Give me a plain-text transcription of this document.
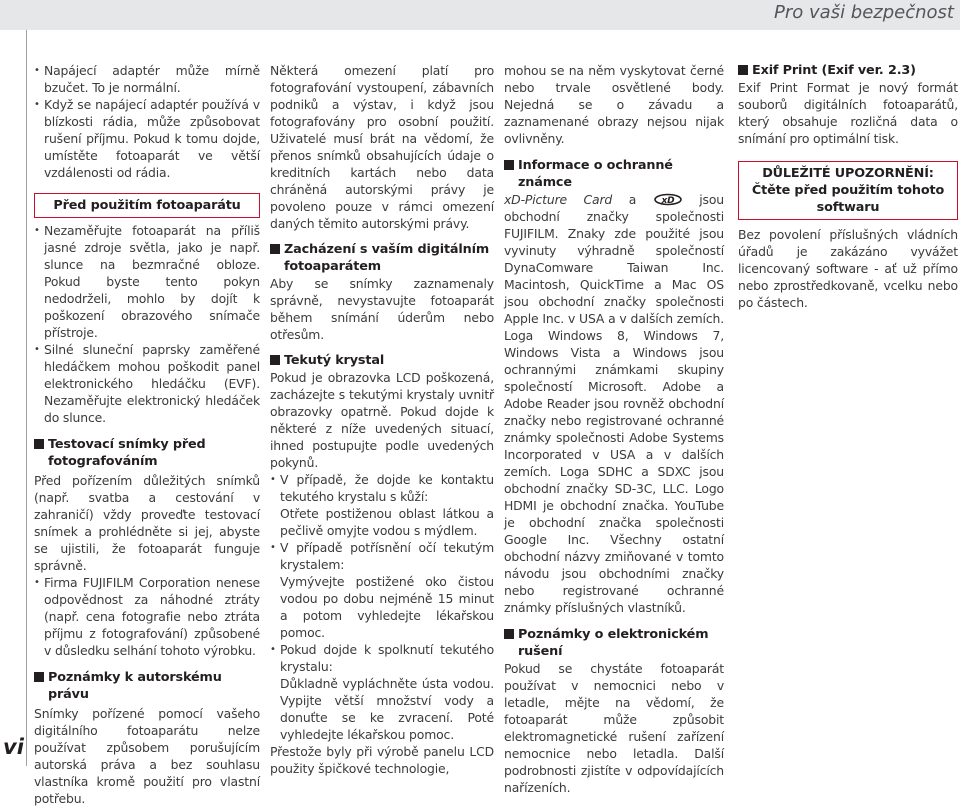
Pro vaši bezpečnost
vi
• Napájecí adaptér může mírně bzučet. To je normální.
• Když se napájecí adaptér používá v blízkosti rádia, může způsobovat rušení příjmu. Pokud k tomu dojde, umístěte fotoaparát ve větší vzdálenosti od rádia.
Před použitím fotoaparátu
• Nezaměřujte fotoaparát na příliš jasné zdroje světla, jako je např. slunce na bezmračné obloze. Pokud byste tento pokyn nedodrželi, mohlo by dojít k poškození obrazového snímače přístroje.
• Silné sluneční paprsky zaměřené hledáčkem mohou poškodit panel elektronického hledáčku (EVF). Nezaměřujte elektronický hledáček do slunce.
Testovací snímky před fotografováním

Před pořízením důležitých snímků (např. svatba a cestování v zahraničí) vždy proveďte testovací snímek a prohlédněte si jej, abyste se ujistili, že fotoaparát funguje správně.

• Firma FUJIFILM Corporation nenese odpovědnost za náhodné ztráty (např. cena fotografie nebo ztráta příjmu z fotografování) způsobené v důsledku selhání tohoto výrobku.
Poznámky k autorskému právu

Snímky pořízené pomocí vašeho digitálního fotoaparátu nelze používat způsobem porušujícím autorská práva a bez souhlasu vlastníka kromě použití pro vlastní potřebu.

Některá omezení platí pro fotografování vystoupení, zábavních podniků a výstav, i když jsou fotografovány pro osobní použití. Uživatelé musí brát na vědomí, že přenos snímků obsahujících údaje o kreditních kartách nebo data chráněná autorskými právy je povoleno pouze v rámci omezení daných těmito autorskými právy.

Zacházení s vaším digitálním fotoaparátem

Aby se snímky zaznamenaly správně, nevystavujte fotoaparát během snímání úderům nebo otřesům.

Tekutý krystal

Pokud je obrazovka LCD poškozená, zacházejte s tekutými krystaly uvnitř obrazovky opatrně. Pokud dojde k některé z níže uvedených situací, ihned postupujte podle uvedených pokynů.

• V případě, že dojde ke kontaktu tekutého krystalu s kůží:

Otřete postiženou oblast látkou a pečlivě omyjte vodou s mýdlem.

• V případě potřísnění očí tekutým krystalem:

Vymývejte postižené oko čistou vodou po dobu nejméně 15 minut a potom vyhledejte lékařskou pomoc.

• Pokud dojde k spolknutí tekutého krystalu:

Důkladně vypláchněte ústa vodou. Vypijte větší množství vody a donuťte se ke zvracení. Poté vyhledejte lékařskou pomoc.

Přestože byly při výrobě panelu LCD použity špičkové technologie,

mohou se na něm vyskytovat černé nebo trvale osvětlené body. Nejedná se o závadu a zaznamenané obrazy nejsou nijak ovlivněny.

Informace o ochranné známce

xD-Picture Card a	xD jsou obchodní značky společnosti FUJIFILM. Znaky zde použité jsou vyvinuty výhradně společností DynaComware Taiwan Inc. Macintosh, QuickTime a Mac OS jsou obchodní značky společnosti Apple Inc. v USA a v dalších zemích. Loga Windows 8, Windows 7, Windows Vista a Windows jsou ochrannými známkami skupiny společností Microsoft. Adobe a Adobe Reader jsou rovněž obchodní značky nebo registrované ochranné známky společnosti Adobe Systems Incorporated v USA a v dalších zemích. Loga SDHC a SDXC jsou obchodní značky SD-3C, LLC. Logo HDMI je obchodní značka. YouTube je obchodní značka společnosti Google Inc. Všechny ostatní obchodní názvy zmiňované v tomto návodu jsou obchodními značky nebo registrované ochranné známky příslušných vlastníků.

Poznámky o elektronickém rušení

Pokud se chystáte fotoaparát používat v nemocnici nebo v letadle, mějte na vědomí, že fotoaparát může způsobit elektromagnetické rušení zařízení nemocnice nebo letadla. Další podrobnosti zjistíte v odpovídajících nařízeních.

Exif Print (Exif ver. 2.3)

Exif Print Format je nový formát souborů digitálních fotoaparátů, který obsahuje rozličná data o snímání pro optimální tisk.

DŮLEŽITÉ UPOZORNĚNÍ: Čtěte před použitím tohoto softwaru

Bez povolení příslušných vládních úřadů je zakázáno vyvážet licencovaný software - ať už přímo nebo zprostředkovaně, vcelku nebo po částech.
